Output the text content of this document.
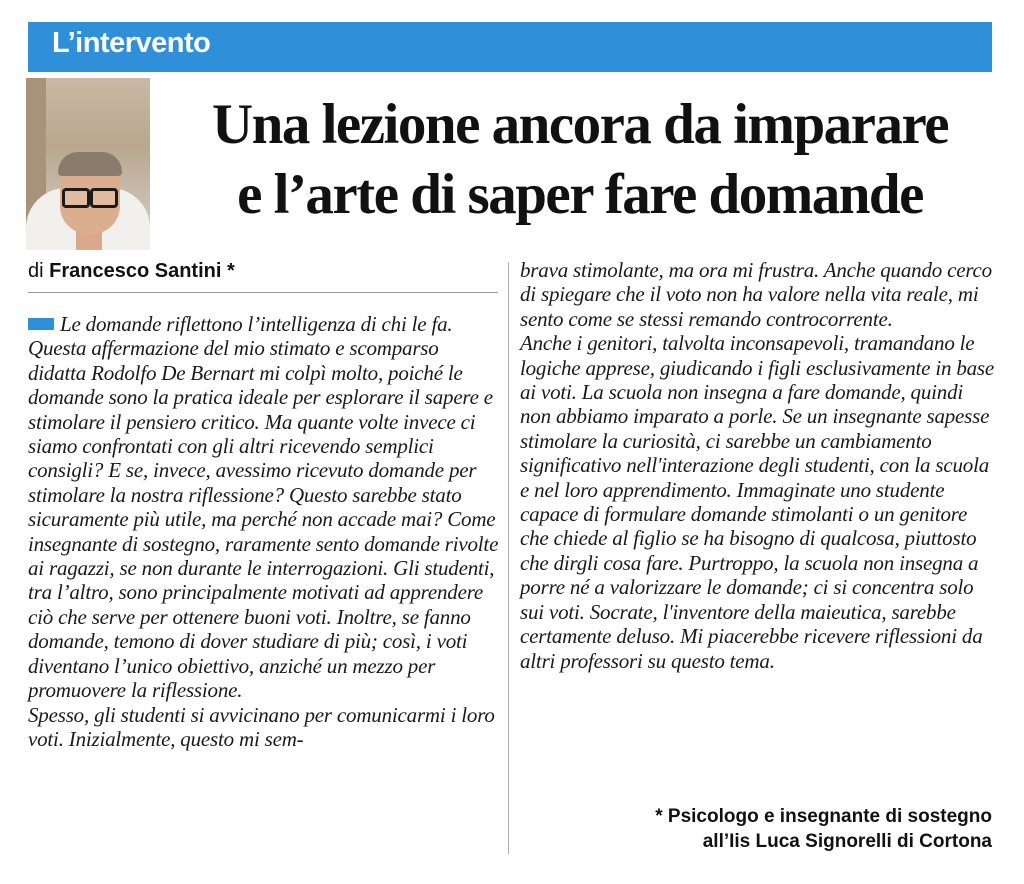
L’intervento
Una lezione ancora da imparare
e l’arte di saper fare domande
di Francesco Santini *

Le domande riflettono l’intelligenza di chi le fa. Questa affermazione del mio stimato e scomparso didatta Rodolfo De Bernart mi colpì molto, poiché le domande sono la pratica ideale per esplorare il sapere e stimolare il pensiero critico. Ma quante volte invece ci siamo confrontati con gli altri ricevendo semplici consigli? E se, invece, avessimo ricevuto domande per stimolare la nostra riflessione? Questo sarebbe stato sicuramente più utile, ma perché non accade mai? Come insegnante di sostegno, raramente sento domande rivolte ai ragazzi, se non durante le interrogazioni. Gli studenti, tra l’altro, sono principalmente motivati ad apprendere ciò che serve per ottenere buoni voti. Inoltre, se fanno domande, temono di dover studiare di più; così, i voti diventano l’unico obiettivo, anziché un mezzo per promuovere la riflessione.

Spesso, gli studenti si avvicinano per comunicarmi i loro voti. Inizialmente, questo mi sem-

brava stimolante, ma ora mi frustra. Anche quando cerco di spiegare che il voto non ha valore nella vita reale, mi sento come se stessi remando controcorrente.

Anche i genitori, talvolta inconsapevoli, tramandano le logiche apprese, giudicando i figli esclusivamente in base ai voti. La scuola non insegna a fare domande, quindi non abbiamo imparato a porle. Se un insegnante sapesse stimolare la curiosità, ci sarebbe un cambiamento significativo nell'interazione degli studenti, con la scuola e nel loro apprendimento. Immaginate uno studente capace di formulare domande stimolanti o un genitore che chiede al figlio se ha bisogno di qualcosa, piuttosto che dirgli cosa fare. Purtroppo, la scuola non insegna a porre né a valorizzare le domande; ci si concentra solo sui voti. Socrate, l'inventore della maieutica, sarebbe certamente deluso. Mi piacerebbe ricevere riflessioni da altri professori su questo tema.

* Psicologo e insegnante di sostegno
all’Iis Luca Signorelli di Cortona
